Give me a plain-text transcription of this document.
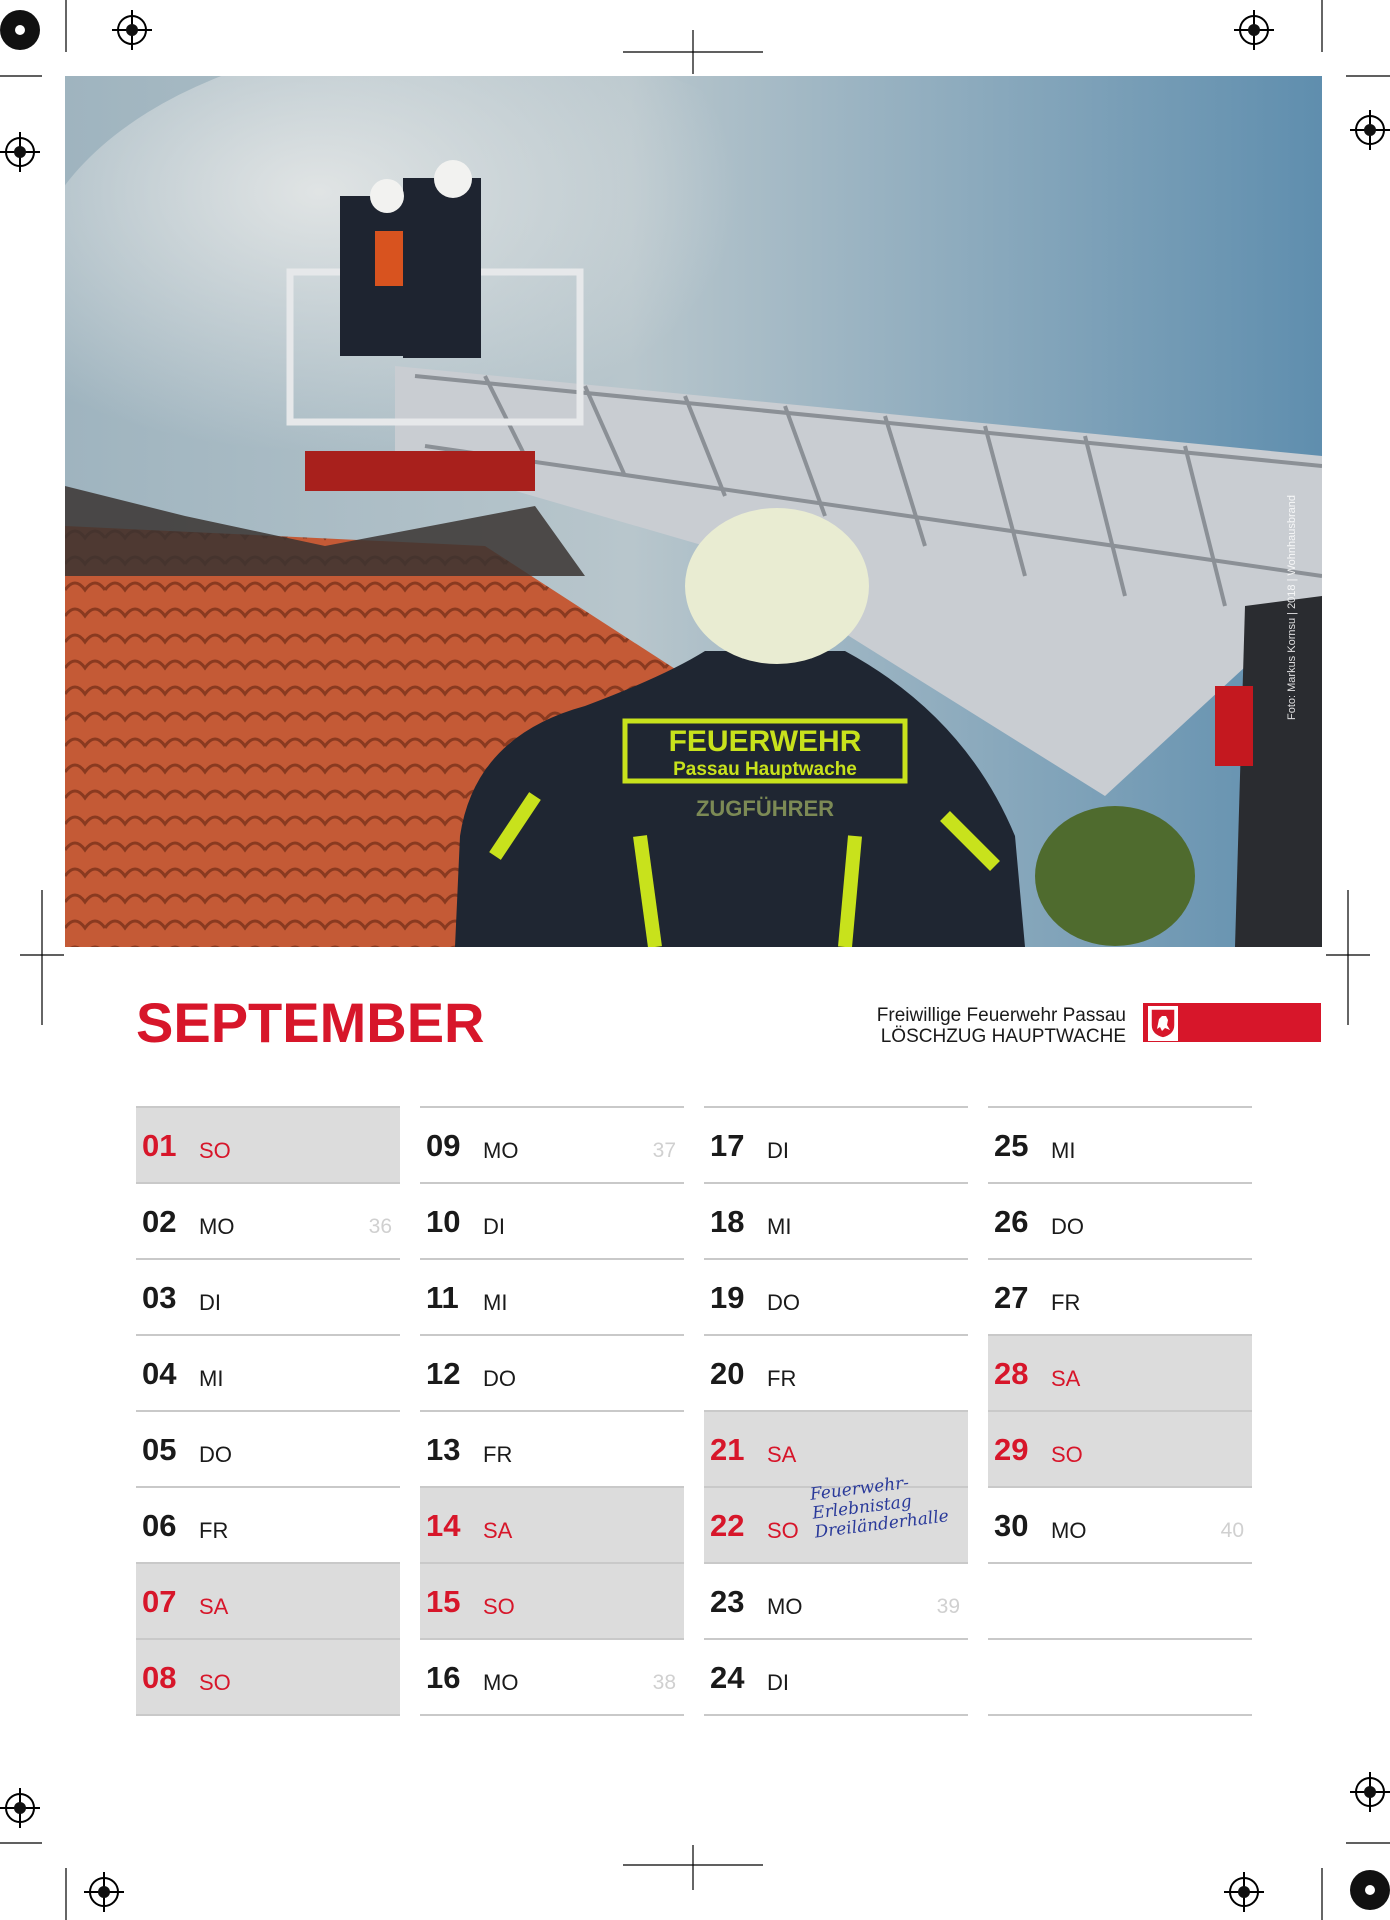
FEUERWEHR
Passau Hauptwache
ZUGFÜHRER
Foto: Markus Kornsu | 2018 | Wohnhausbrand
SEPTEMBER	Freiwillige Feuerwehr Passau
LÖSCHZUG HAUPTWACHE
01 SO
02 MO	36
03 DI
04 MI
05 DO
06 FR
07 SA
08 SO
09 MO	37
10 DI
11 MI
12 DO
13 FR
14 SA
15 SO
16 MO	38
17 DI
18 MI
19 DO
20 FR
21 SA
22 SO
Feuerwehr-
Erlebnistag
Dreiländerhalle
23 MO	39
24 DI
25 MI
26 DO
27 FR
28 SA
29 SO
30 MO	40
